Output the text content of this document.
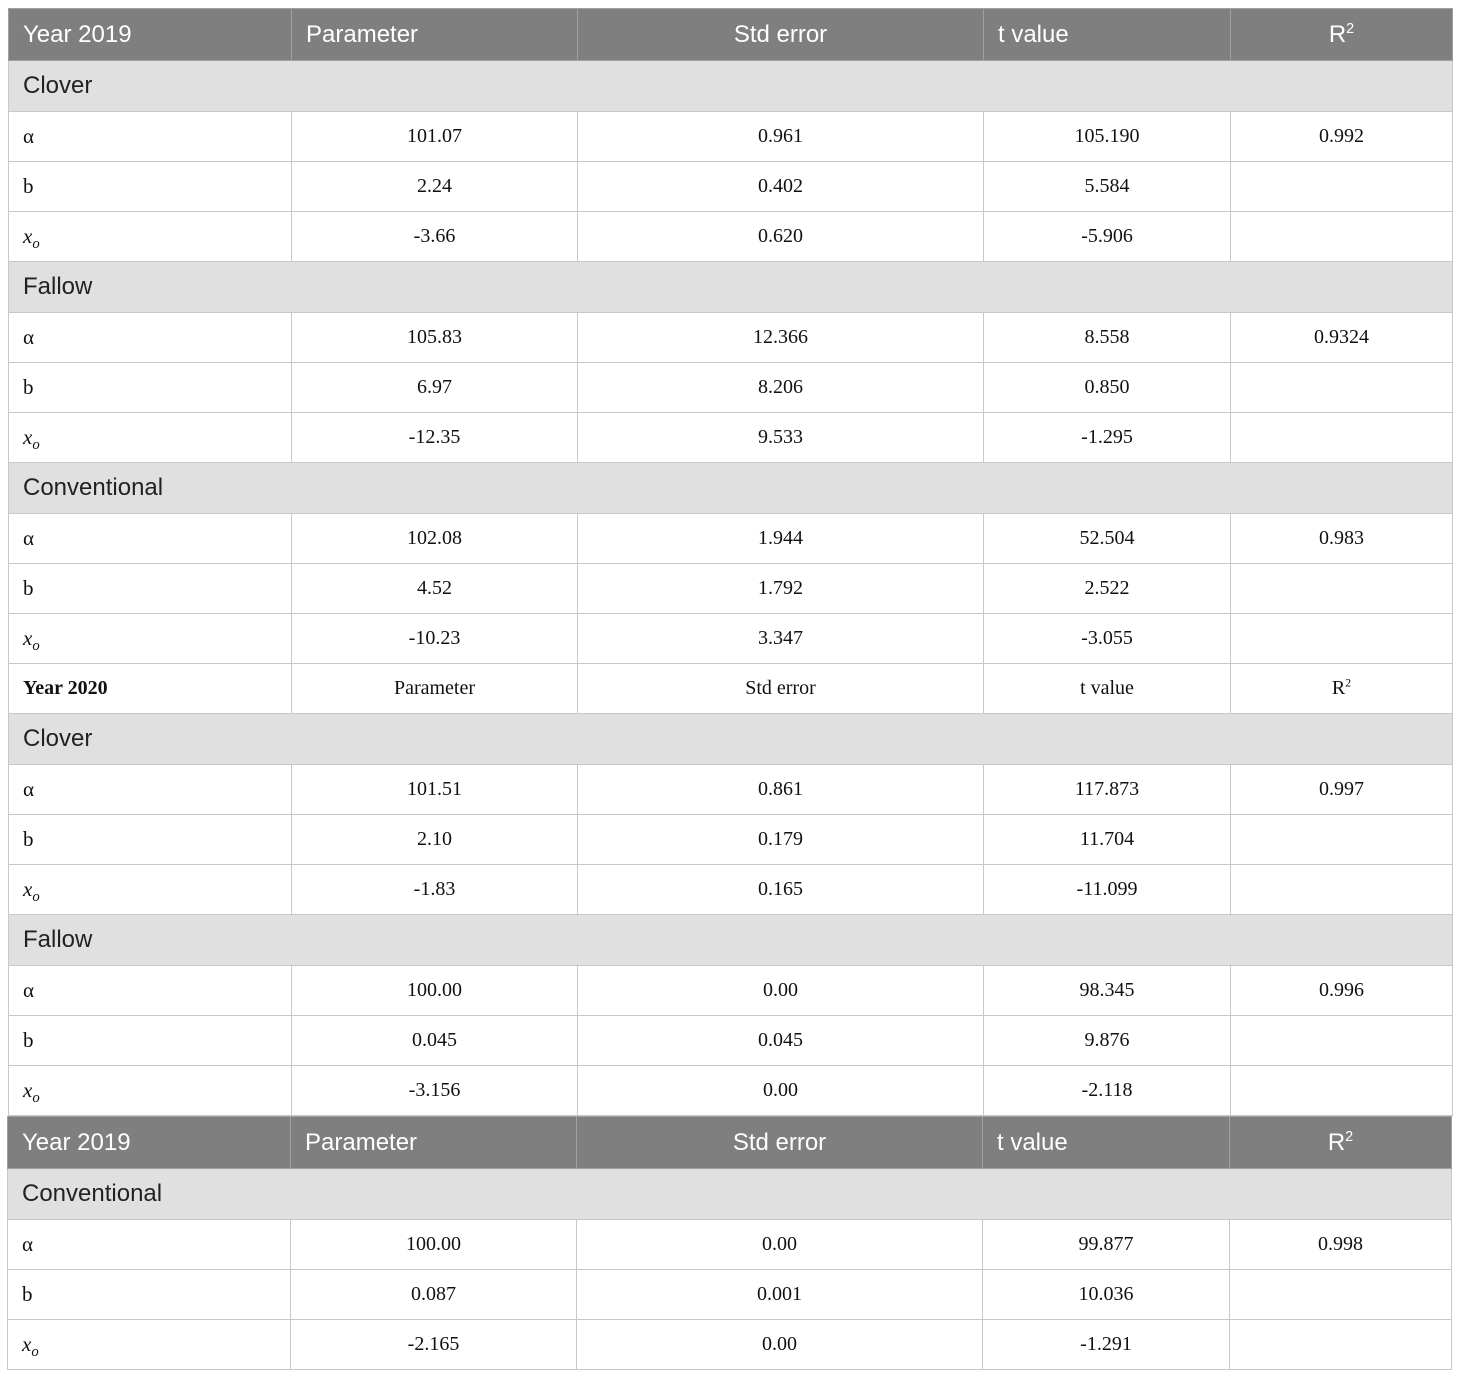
Year 2019	Parameter	Std error	t value	$R^2$
Clover				
α	101.07	0.961	105.190	0.992
b	2.24	0.402	5.584	
$x_o$	-3.66	0.620	-5.906	
Fallow				
α	105.83	12.366	8.558	0.9324
b	6.97	8.206	0.850	
$x_o$	-12.35	9.533	-1.295	
Conventional				
α	102.08	1.944	52.504	0.983
b	4.52	1.792	2.522	
$x_o$	-10.23	3.347	-3.055	
Year 2020	Parameter	Std error	t value	$R^2$
Clover				
α	101.51	0.861	117.873	0.997
b	2.10	0.179	11.704	
$x_o$	-1.83	0.165	-11.099	
Fallow				
α	100.00	0.00	98.345	0.996
b	0.045	0.045	9.876	
$x_o$	-3.156	0.00	-2.118	
Year 2019	Parameter	Std error	t value	$R^2$
Conventional				
α	100.00	0.00	99.877	0.998
b	0.087	0.001	10.036	
$x_o$	-2.165	0.00	-1.291	
